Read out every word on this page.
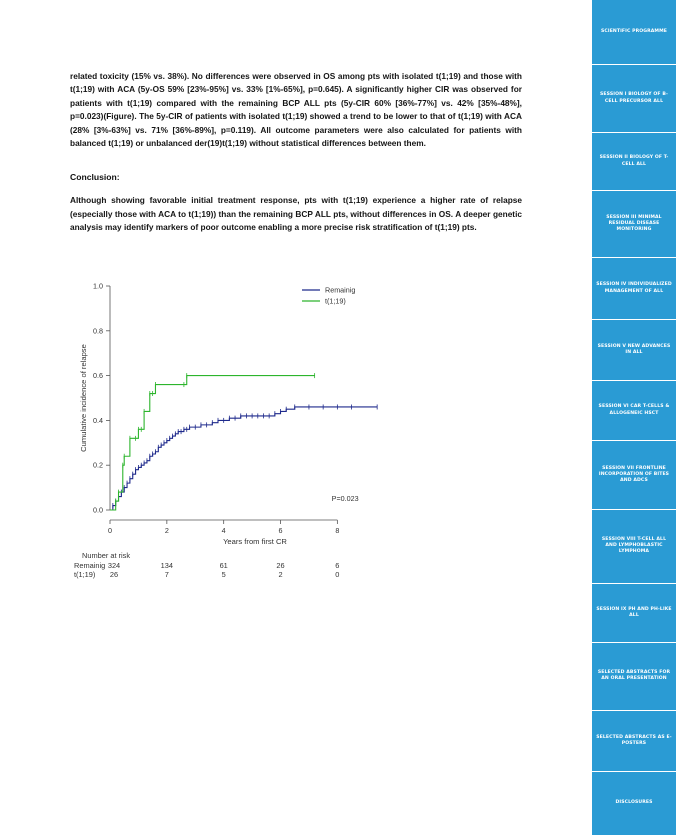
related toxicity (15% vs. 38%). No differences were observed in OS among pts with isolated t(1;19) and those with t(1;19) with ACA (5y-OS 59% [23%-95%] vs. 33% [1%-65%], p=0.645). A significantly higher CIR was observed for patients with t(1;19) compared with the remaining BCP ALL pts (5y-CIR 60% [36%-77%] vs. 42% [35%-48%], p=0.023)(Figure). The 5y-CIR of patients with isolated t(1;19) showed a trend to be lower to that of t(1;19) with ACA (28% [3%-63%] vs. 71% [36%-89%], p=0.119). All outcome parameters were also calculated for patients with balanced t(1;19) or unbalanced der(19)t(1;19) without statistical differences between them.

Conclusion:

Although showing favorable initial treatment response, pts with t(1;19) experience a higher rate of relapse (especially those with ACA to t(1;19)) than the remaining BCP ALL pts, without differences in OS. A deeper genetic analysis may identify markers of poor outcome enabling a more precise risk stratification of t(1;19) pts.

0.0
0.2
0.4
0.6
0.8
1.0
0	2	4	6	8
Cumulative incidence of relapse
Years from first CR
Remainig
t(1;19)
P=0.023
Number at risk
Remainig 324	134	61	26	6
t(1;19) 26	7	5	2	0
SCIENTIFIC PROGRAMME
SESSION I BIOLOGY OF B-CELL PRECURSOR ALL
SESSION II BIOLOGY OF T-CELL ALL
SESSION III MINIMAL RESIDUAL DISEASE MONITORING
SESSION IV INDIVIDUALIZED MANAGEMENT OF ALL
SESSION V NEW ADVANCES IN ALL
SESSION VI CAR T-CELLS & ALLOGENEIC HSCT
SESSION VII FRONTLINE INCORPORATION OF BITES AND ADCS
SESSION VIII T-CELL ALL AND LYMPHOBLASTIC LYMPHOMA
SESSION IX PH AND PH-LIKE ALL
SELECTED ABSTRACTS FOR AN ORAL PRESENTATION
SELECTED ABSTRACTS AS E-POSTERS
DISCLOSURES
